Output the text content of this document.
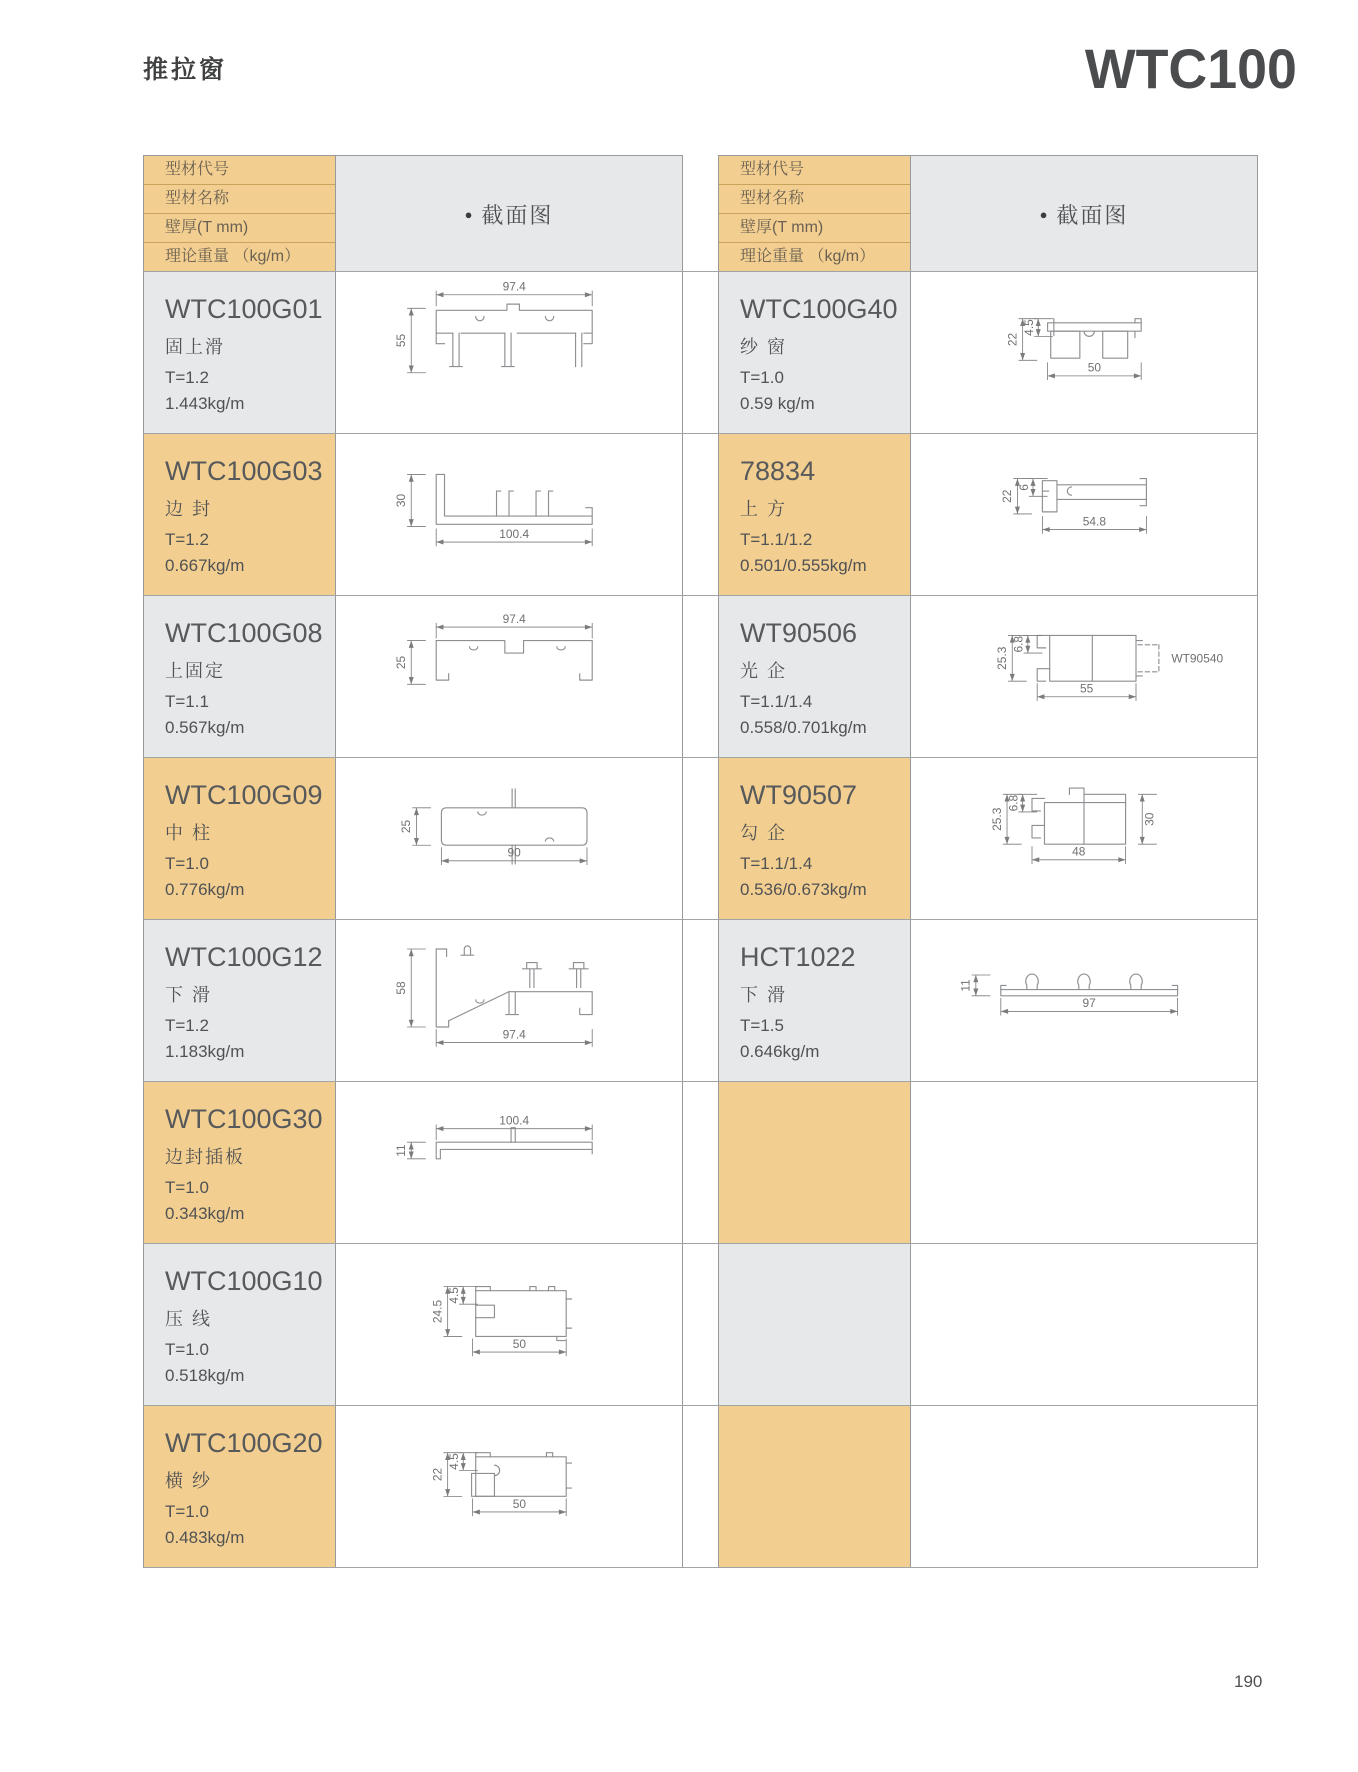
推拉窗	WTC100
型材代号
型材名称
壁厚(T mm)
理论重量 （kg/m）
● 截面图
WTC100G01
固上滑
T=1.2
1.443kg/m
97.4
55
WTC100G03
边 封
T=1.2
0.667kg/m
100.4
30
WTC100G08
上固定
T=1.1
0.567kg/m
97.4
25
WTC100G09
中 柱
T=1.0
0.776kg/m
90
25
WTC100G12
下 滑
T=1.2
1.183kg/m
97.4
58
WTC100G30
边封插板
T=1.0
0.343kg/m
100.4
11
WTC100G10
压 线
T=1.0
0.518kg/m
50
24.5
4.5
WTC100G20
横 纱
T=1.0
0.483kg/m
50
22
4.5
型材代号
型材名称
壁厚(T mm)
理论重量 （kg/m）
● 截面图
WTC100G40
纱 窗
T=1.0
0.59 kg/m
50
22
4.5
78834
上 方
T=1.1/1.2
0.501/0.555kg/m
54.8
22
6
WT90506
光 企
T=1.1/1.4
0.558/0.701kg/m
55
25.3
6.8
WT90540
WT90507
勾 企
T=1.1/1.4
0.536/0.673kg/m
48
25.3
6.8
30
HCT1022
下 滑
T=1.5
0.646kg/m
97
11
190
